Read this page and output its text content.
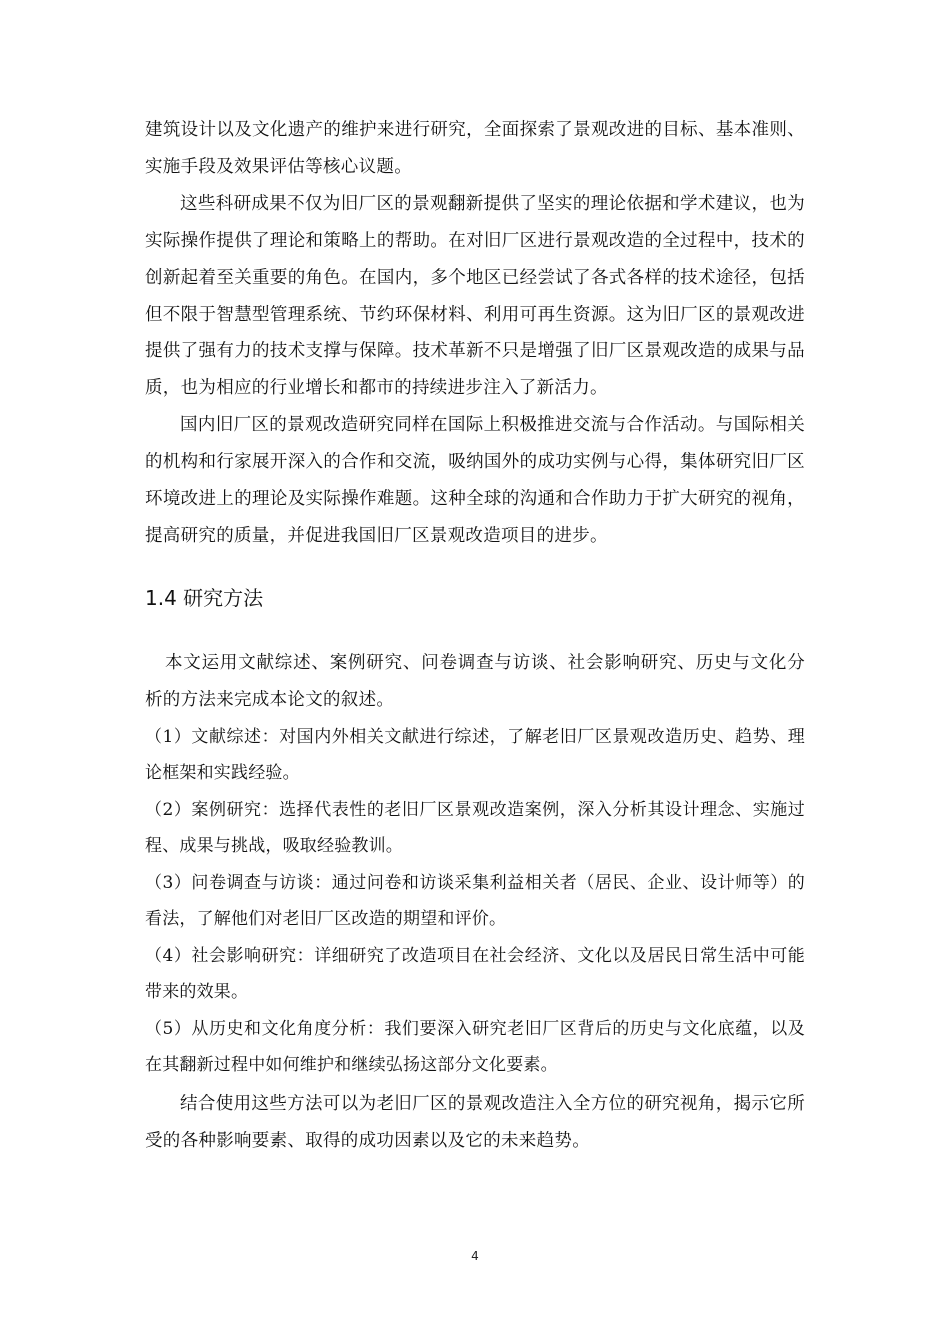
建筑设计以及文化遗产的维护来进行研究，全面探索了景观改进的目标、基本准则、实施手段及效果评估等核心议题。

这些科研成果不仅为旧厂区的景观翻新提供了坚实的理论依据和学术建议，也为实际操作提供了理论和策略上的帮助。在对旧厂区进行景观改造的全过程中，技术的创新起着至关重要的角色。在国内，多个地区已经尝试了各式各样的技术途径，包括但不限于智慧型管理系统、节约环保材料、利用可再生资源。这为旧厂区的景观改进提供了强有力的技术支撑与保障。技术革新不只是增强了旧厂区景观改造的成果与品质，也为相应的行业增长和都市的持续进步注入了新活力。

国内旧厂区的景观改造研究同样在国际上积极推进交流与合作活动。与国际相关的机构和行家展开深入的合作和交流，吸纳国外的成功实例与心得，集体研究旧厂区环境改进上的理论及实际操作难题。这种全球的沟通和合作助力于扩大研究的视角，提高研究的质量，并促进我国旧厂区景观改造项目的进步。

1.4 研究方法

本文运用文献综述、案例研究、问卷调查与访谈、社会影响研究、历史与文化分析的方法来完成本论文的叙述。

（1）文献综述：对国内外相关文献进行综述，了解老旧厂区景观改造历史、趋势、理论框架和实践经验。

（2）案例研究：选择代表性的老旧厂区景观改造案例，深入分析其设计理念、实施过程、成果与挑战，吸取经验教训。

（3）问卷调查与访谈：通过问卷和访谈采集利益相关者（居民、企业、设计师等）的看法，了解他们对老旧厂区改造的期望和评价。

（4）社会影响研究：详细研究了改造项目在社会经济、文化以及居民日常生活中可能带来的效果。

（5）从历史和文化角度分析：我们要深入研究老旧厂区背后的历史与文化底蕴，以及在其翻新过程中如何维护和继续弘扬这部分文化要素。

结合使用这些方法可以为老旧厂区的景观改造注入全方位的研究视角，揭示它所受的各种影响要素、取得的成功因素以及它的未来趋势。

4
